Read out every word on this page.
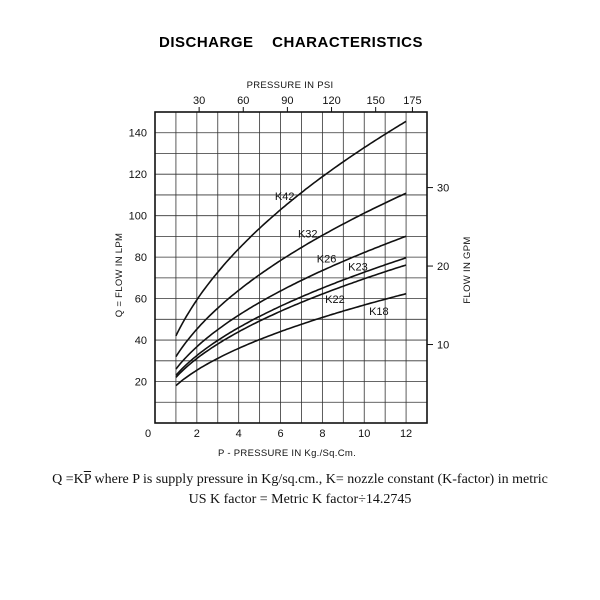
DISCHARGE    CHARACTERISTICS
0	2	4	6	8	10	12
20
40
60
80
100
120
140
30	60	90	120 150 175
10
20
30
K42
K32
K26
K23
K22
K18
PRESSURE IN PSI
P - PRESSURE IN Kg./Sq.Cm.
Q = FLOW IN LPM	FLOW IN GPM
$Q =K\overline{P}$ where P is supply pressure in Kg/sq.cm., K= nozzle constant (K-factor) in metric
US K factor = Metric K factor÷14.2745
